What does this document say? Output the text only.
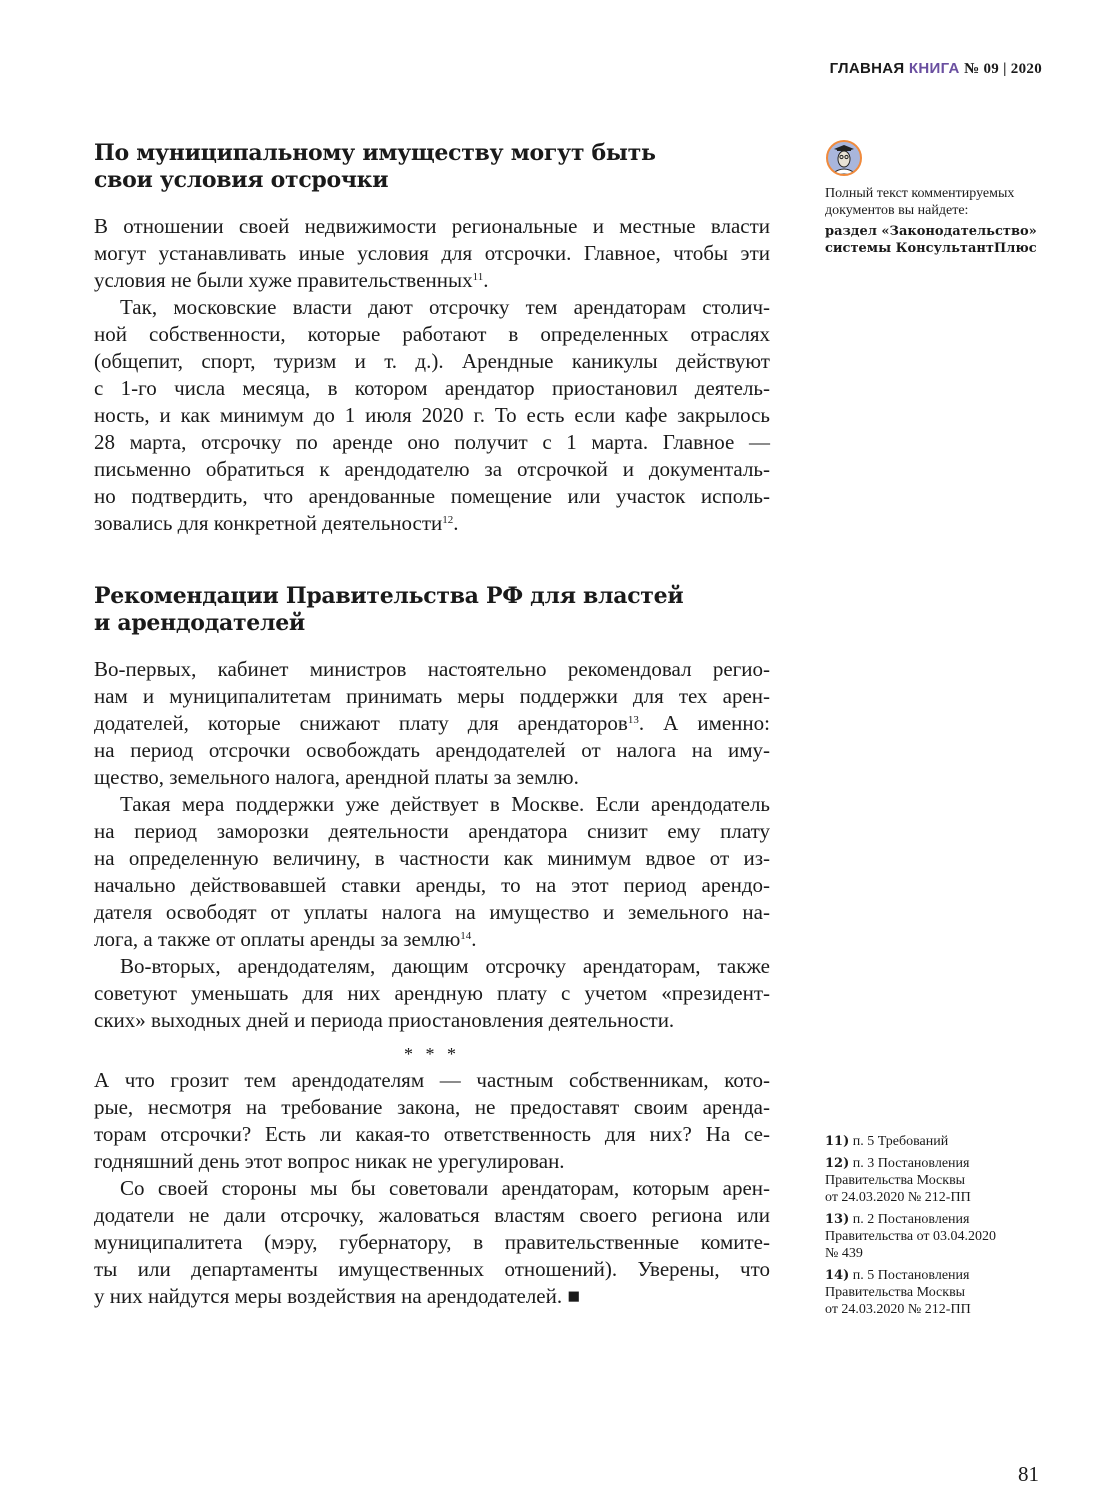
ГЛАВНАЯ КНИГА № 09 | 2020
По муниципальному имуществу могут быть
свои условия отсрочки
В отношении своей недвижимости региональные и местные власти
могут устанавливать иные условия для отсрочки. Главное, чтобы эти
условия не были хуже правительственных$^{11}$.
Так, московские власти дают отсрочку тем арендаторам столич-
ной собственности, которые работают в определенных отраслях
(общепит, спорт, туризм и т. д.). Арендные каникулы действуют
с 1-го числа месяца, в котором арендатор приостановил деятель-
ность, и как минимум до 1 июля 2020 г. То есть если кафе закрылось
28 марта, отсрочку по аренде оно получит с 1 марта. Главное —
письменно обратиться к арендодателю за отсрочкой и документаль-
но подтвердить, что арендованные помещение или участок исполь-
зовались для конкретной деятельности$^{12}$.
Рекомендации Правительства РФ для властей
и арендодателей
Во-первых, кабинет министров настоятельно рекомендовал регио-
нам и муниципалитетам принимать меры поддержки для тех арен-
додателей, которые снижают плату для арендаторов$^{13}$. А именно:
на период отсрочки освобождать арендодателей от налога на иму-
щество, земельного налога, арендной платы за землю.
Такая мера поддержки уже действует в Москве. Если арендодатель
на период заморозки деятельности арендатора снизит ему плату
на определенную величину, в частности как минимум вдвое от из-
начально действовавшей ставки аренды, то на этот период арендо-
дателя освободят от уплаты налога на имущество и земельного на-
лога, а также от оплаты аренды за землю$^{14}$.
Во-вторых, арендодателям, дающим отсрочку арендаторам, также
советуют уменьшать для них арендную плату с учетом «президент-
ских» выходных дней и периода приостановления деятельности.
* * *
А что грозит тем арендодателям — частным собственникам, кото-
рые, несмотря на требование закона, не предоставят своим аренда-
торам отсрочки? Есть ли какая-то ответственность для них? На се-
годняшний день этот вопрос никак не урегулирован.
Со своей стороны мы бы советовали арендаторам, которым арен-
додатели не дали отсрочку, жаловаться властям своего региона или
муниципалитета (мэру, губернатору, в правительственные комите-
ты или департаменты имущественных отношений). Уверены, что
у них найдутся меры воздействия на арендодателей. ■
Полный текст комментируемых
документов вы найдете:
раздел «Законодательство»
системы КонсультантПлюс
11) п. 5 Требований
12) п. 3 Постановления
Правительства Москвы
от 24.03.2020 № 212-ПП
13) п. 2 Постановления
Правительства от 03.04.2020
№ 439
14) п. 5 Постановления
Правительства Москвы
от 24.03.2020 № 212-ПП
81
